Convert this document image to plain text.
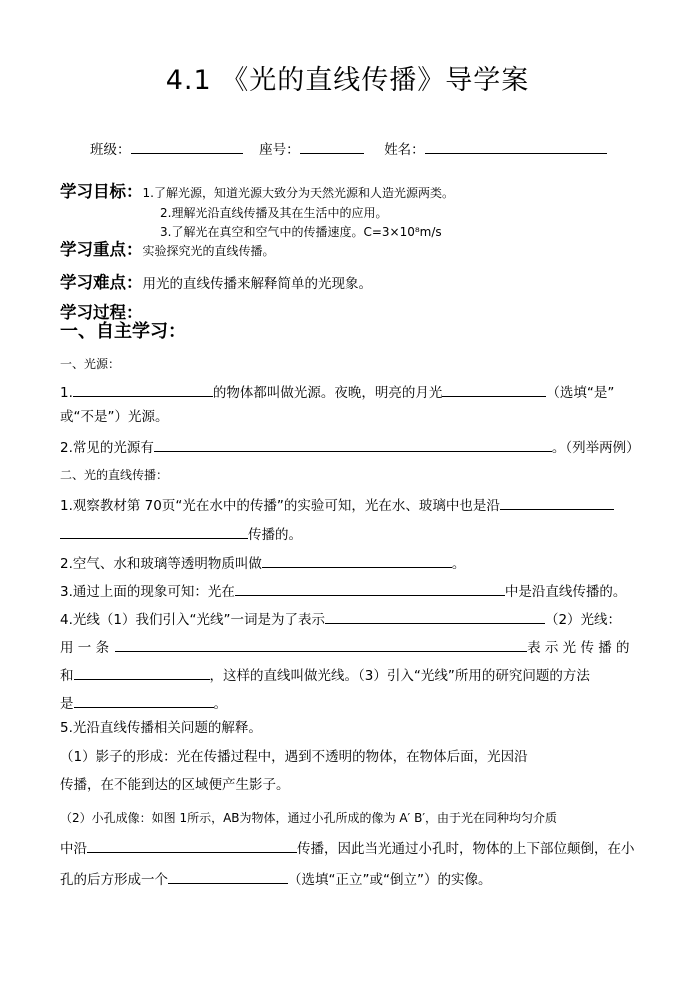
4.1 《光的直线传播》导学案
班级：	座号：	姓名：
学习目标：1.了解光源，知道光源大致分为天然光源和人造光源两类。
2.理解光沿直线传播及其在生活中的应用。
3.了解光在真空和空气中的传播速度。C=3×10⁸m/s
学习重点：实验探究光的直线传播。
学习难点：用光的直线传播来解释简单的光现象。
学习过程：
一、自主学习：
一、光源：
1.	的物体都叫做光源。夜晚，明亮的月光	（选填“是”
或“不是”）光源。
2.常见的光源有	。（列举两例）
二、光的直线传播：
1.观察教材第 70页“光在水中的传播”的实验可知，光在水、玻璃中也是沿
传播的。
2.空气、水和玻璃等透明物质叫做	。
3.通过上面的现象可知：光在	中是沿直线传播的。
4.光线（1）我们引入“光线”一词是为了表示	（2）光线：
用 一 条	表 示 光 传 播 的
和	，这样的直线叫做光线。（3）引入“光线”所用的研究问题的方法
是	。
5.光沿直线传播相关问题的解释。
（1）影子的形成：光在传播过程中，遇到不透明的物体，在物体后面，光因沿
传播，在不能到达的区域便产生影子。
（2）小孔成像：如图 1所示，AB为物体，通过小孔所成的像为 A′ B′，由于光在同种均匀介质
中沿	传播，因此当光通过小孔时，物体的上下部位颠倒，在小
孔的后方形成一个	（选填“正立”或“倒立”）的实像。
